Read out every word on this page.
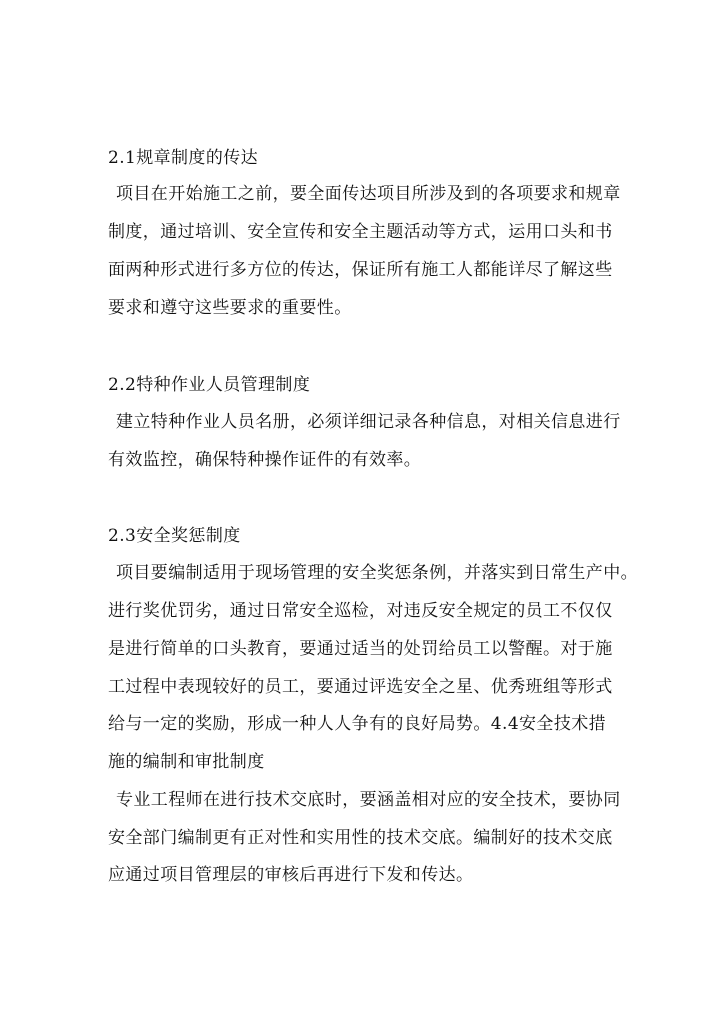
2.1规章制度的传达
项目在开始施工之前，要全面传达项目所涉及到的各项要求和规章
制度，通过培训、安全宣传和安全主题活动等方式，运用口头和书
面两种形式进行多方位的传达，保证所有施工人都能详尽了解这些
要求和遵守这些要求的重要性。
2.2特种作业人员管理制度
建立特种作业人员名册，必须详细记录各种信息，对相关信息进行
有效监控，确保特种操作证件的有效率。
2.3安全奖惩制度
项目要编制适用于现场管理的安全奖惩条例，并落实到日常生产中。
进行奖优罚劣，通过日常安全巡检，对违反安全规定的员工不仅仅
是进行简单的口头教育，要通过适当的处罚给员工以警醒。对于施
工过程中表现较好的员工，要通过评选安全之星、优秀班组等形式
给与一定的奖励，形成一种人人争有的良好局势。4.4安全技术措
施的编制和审批制度
专业工程师在进行技术交底时，要涵盖相对应的安全技术，要协同
安全部门编制更有正对性和实用性的技术交底。编制好的技术交底
应通过项目管理层的审核后再进行下发和传达。
